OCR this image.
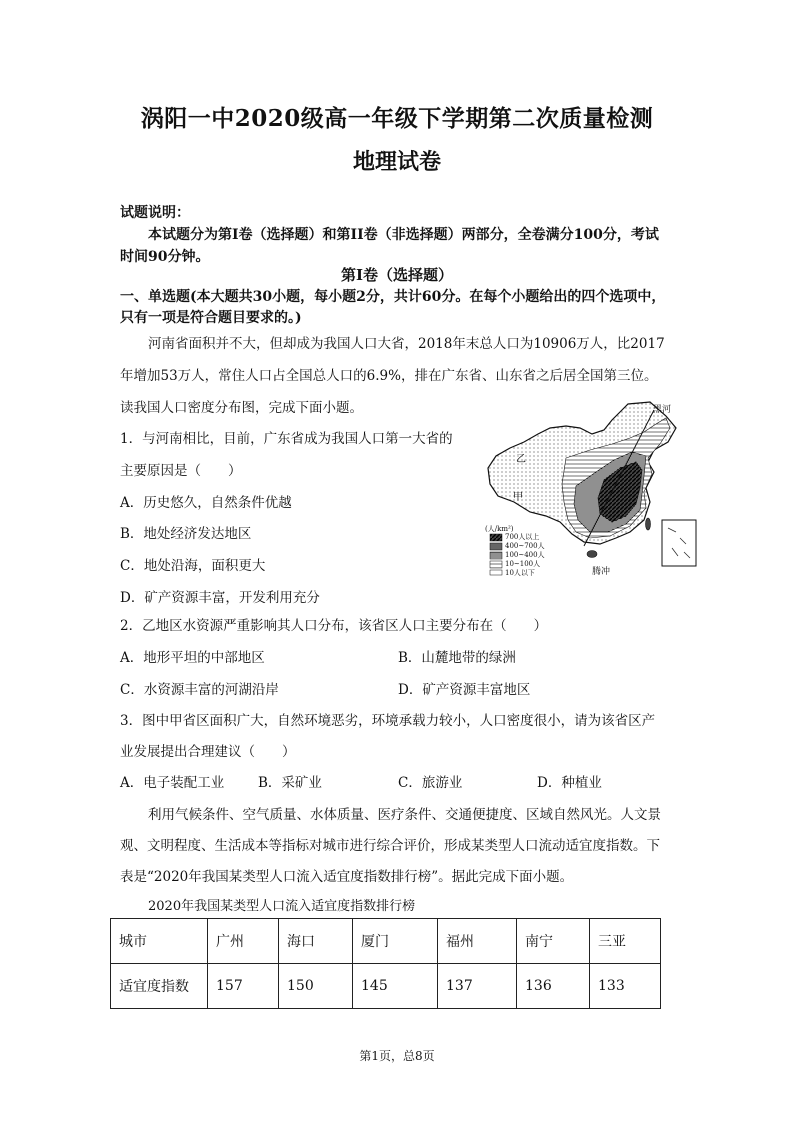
涡阳一中2020级高一年级下学期第二次质量检测
地理试卷
试题说明：
本试题分为第I卷（选择题）和第II卷（非选择题）两部分，全卷满分100分，考试
时间90分钟。
第I卷（选择题）
一、单选题(本大题共30小题，每小题2分，共计60分。在每个小题给出的四个选项中，
只有一项是符合题目要求的。)
河南省面积并不大，但却成为我国人口大省，2018年末总人口为10906万人，比2017
年增加53万人，常住人口占全国总人口的6.9%，排在广东省、山东省之后居全国第三位。
读我国人口密度分布图，完成下面小题。
1．与河南相比，目前，广东省成为我国人口第一大省的
主要原因是（　　）
A．历史悠久，自然条件优越
B．地处经济发达地区
C．地处沿海，面积更大
D．矿产资源丰富，开发利用充分
黑河
乙
甲
腾冲
(人/km²)
700人以上
400~700人
100~400人
10~100人
10人以下
2．乙地区水资源严重影响其人口分布，该省区人口主要分布在（　　）
A．地形平坦的中部地区	B．山麓地带的绿洲
C．水资源丰富的河湖沿岸	D．矿产资源丰富地区
3．图中甲省区面积广大，自然环境恶劣，环境承载力较小，人口密度很小，请为该省区产
业发展提出合理建议（　　）
A．电子装配工业	B．采矿业	C．旅游业	D．种植业
利用气候条件、空气质量、水体质量、医疗条件、交通便捷度、区域自然风光。人文景
观、文明程度、生活成本等指标对城市进行综合评价，形成某类型人口流动适宜度指数。下
表是“2020年我国某类型人口流入适宜度指数排行榜”。据此完成下面小题。
2020年我国某类型人口流入适宜度指数排行榜
城市	广州	海口	厦门	福州	南宁	三亚
适宜度指数	157	150	145	137	136	133
第1页，总8页
